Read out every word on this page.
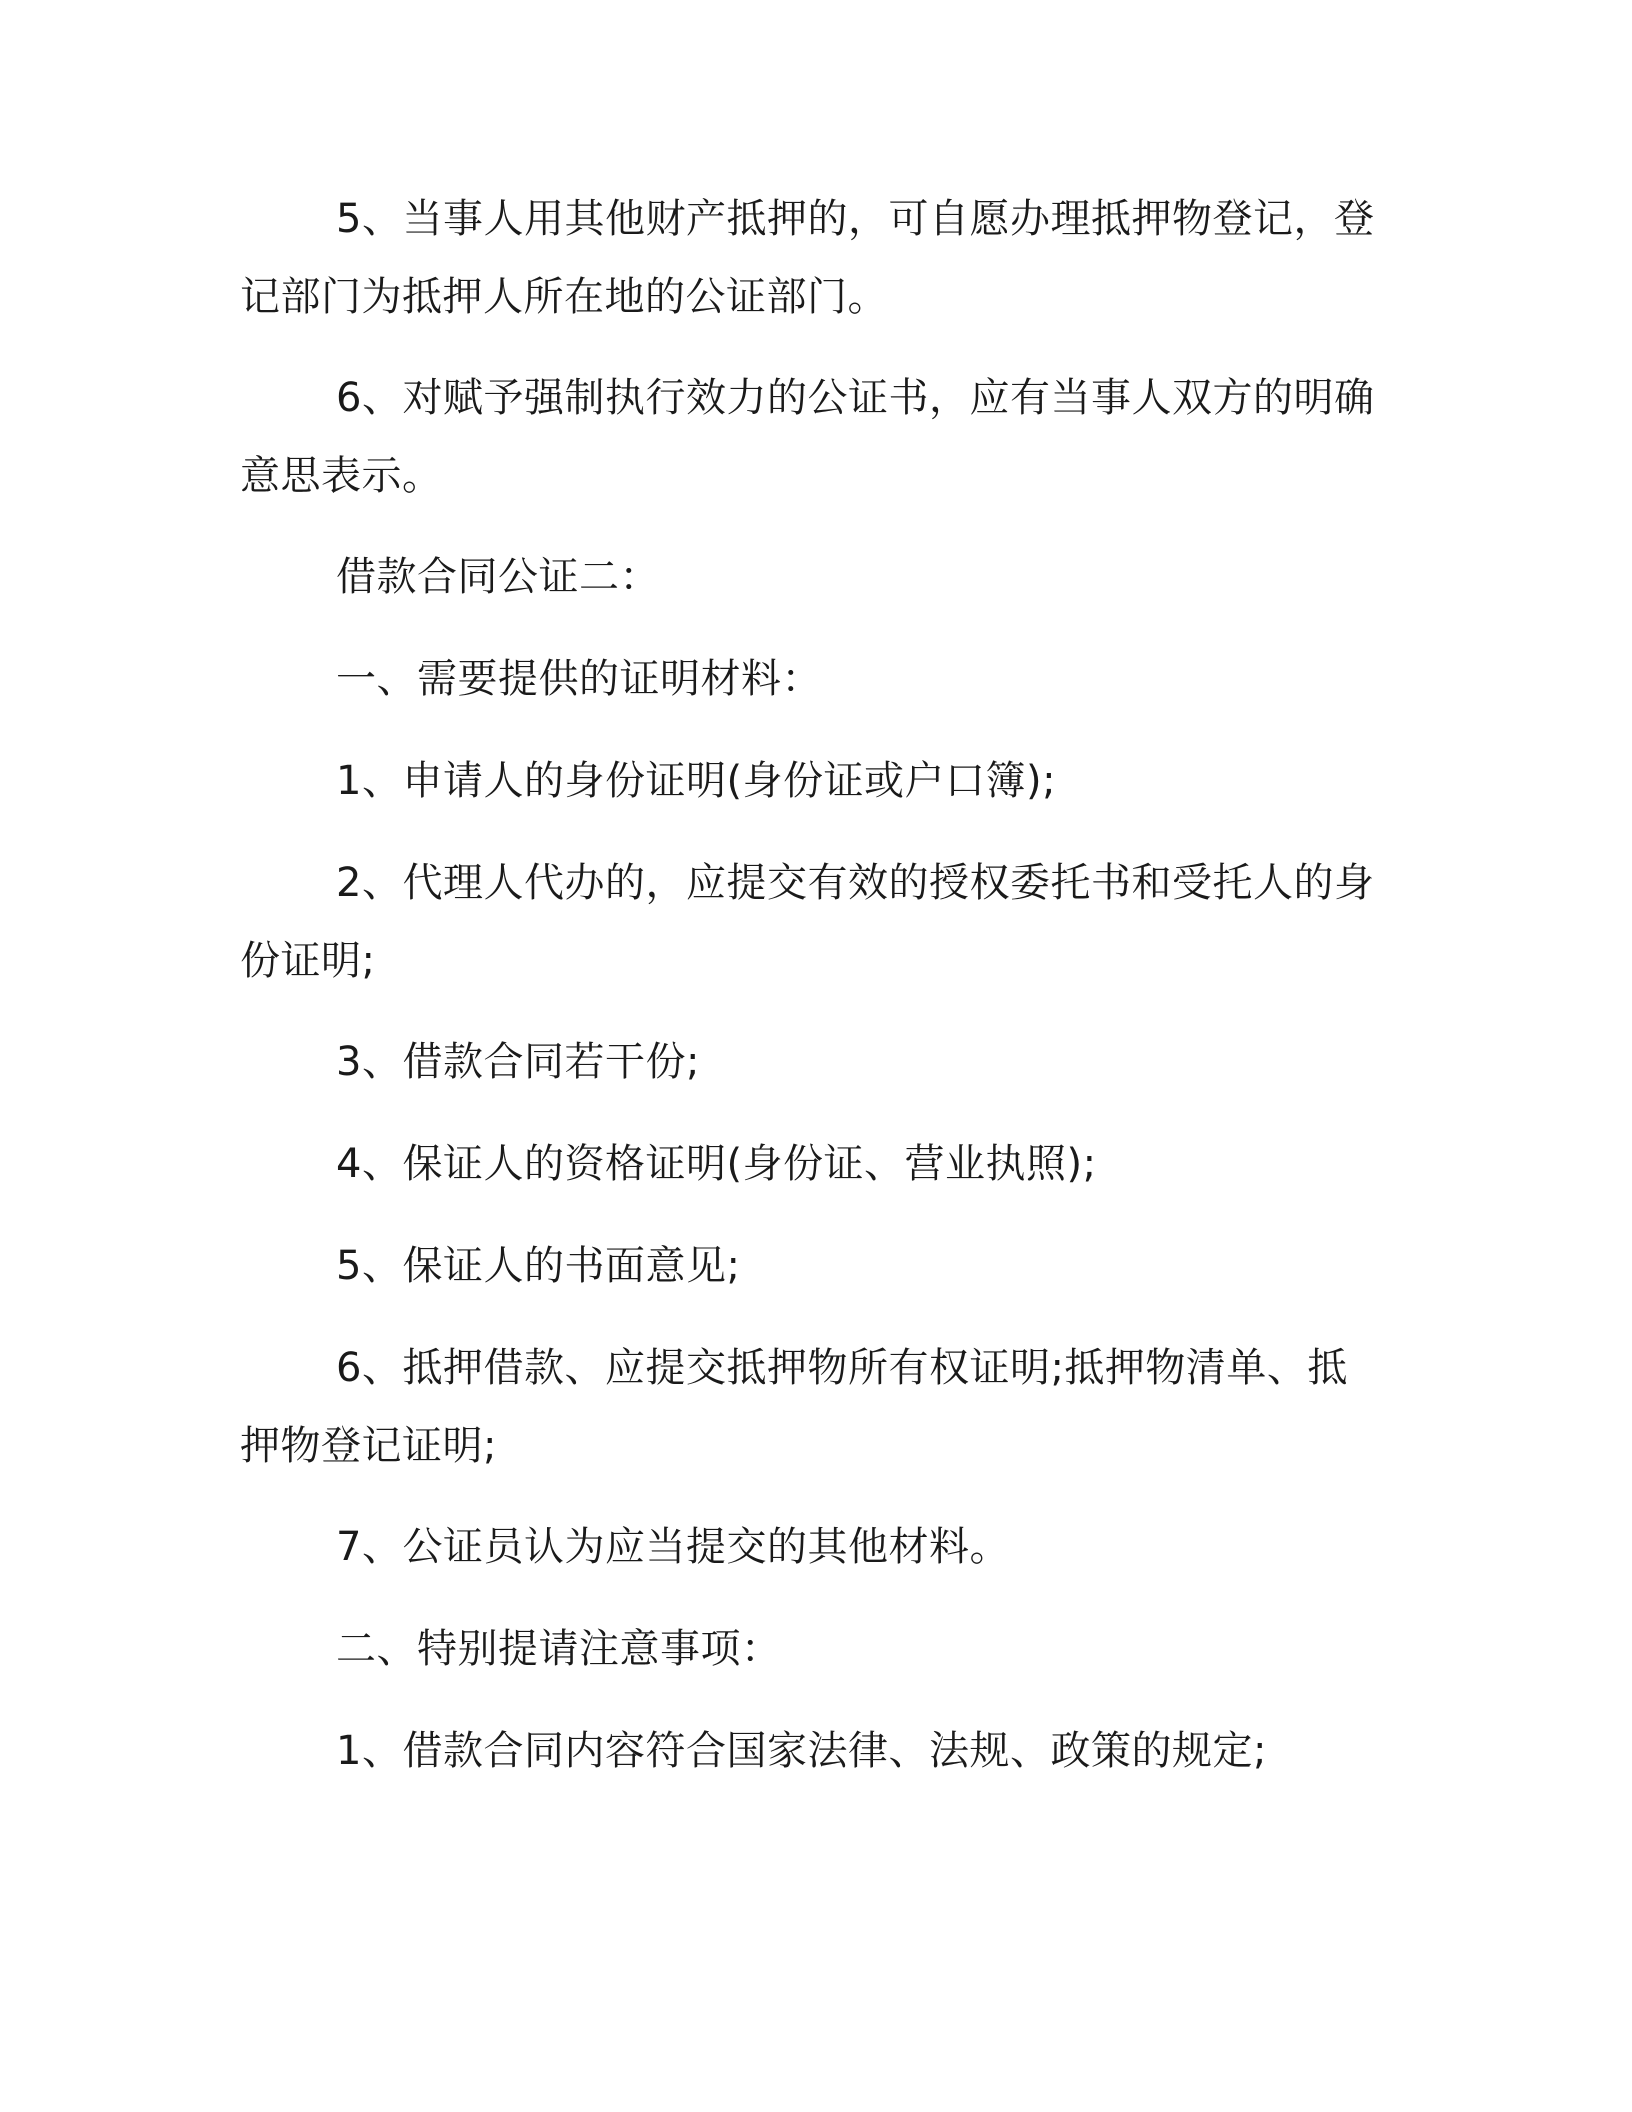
5、当事人用其他财产抵押的，可自愿办理抵押物登记，登记部门为抵押人所在地的公证部门。

6、对赋予强制执行效力的公证书，应有当事人双方的明确意思表示。

借款合同公证二：

一、需要提供的证明材料：

1、申请人的身份证明(身份证或户口簿);

2、代理人代办的，应提交有效的授权委托书和受托人的身份证明;

3、借款合同若干份;

4、保证人的资格证明(身份证、营业执照);

5、保证人的书面意见;

6、抵押借款、应提交抵押物所有权证明;抵押物清单、抵押物登记证明;

7、公证员认为应当提交的其他材料。

二、特别提请注意事项：

1、借款合同内容符合国家法律、法规、政策的规定;
